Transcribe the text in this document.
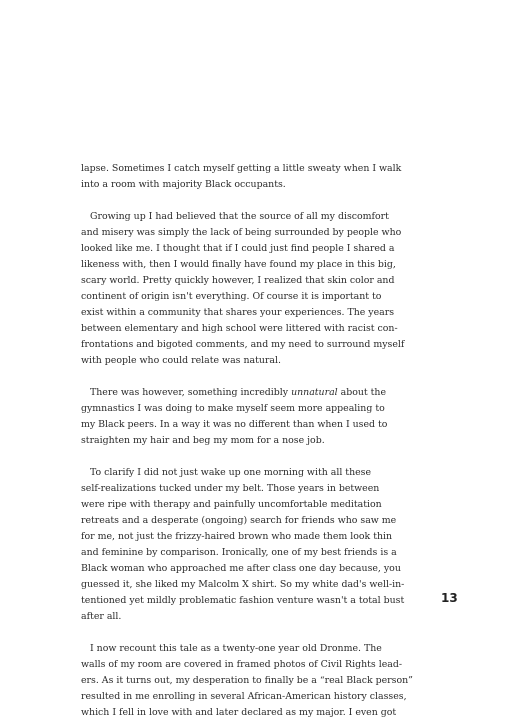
lapse. Sometimes I catch myself getting a little sweaty when I walk
into a room with majority Black occupants.
Growing up I had believed that the source of all my discomfort
and misery was simply the lack of being surrounded by people who
looked like me. I thought that if I could just find people I shared a
likeness with, then I would finally have found my place in this big,
scary world. Pretty quickly however, I realized that skin color and
continent of origin isn't everything. Of course it is important to
exist within a community that shares your experiences. The years
between elementary and high school were littered with racist con-
frontations and bigoted comments, and my need to surround myself
with people who could relate was natural.
There was however, something incredibly unnatural about the
gymnastics I was doing to make myself seem more appealing to
my Black peers. In a way it was no different than when I used to
straighten my hair and beg my mom for a nose job.
To clarify I did not just wake up one morning with all these
self-realizations tucked under my belt. Those years in between
were ripe with therapy and painfully uncomfortable meditation
retreats and a desperate (ongoing) search for friends who saw me
for me, not just the frizzy-haired brown who made them look thin
and feminine by comparison. Ironically, one of my best friends is a
Black woman who approached me after class one day because, you
guessed it, she liked my Malcolm X shirt. So my white dad's well-in-
tentioned yet mildly problematic fashion venture wasn't a total bust
after all.
I now recount this tale as a twenty-one year old Dronme. The
walls of my room are covered in framed photos of Civil Rights lead-
ers. As it turns out, my desperation to finally be a “real Black person”
resulted in me enrolling in several African-American history classes,
which I fell in love with and later declared as my major. I even got
13
